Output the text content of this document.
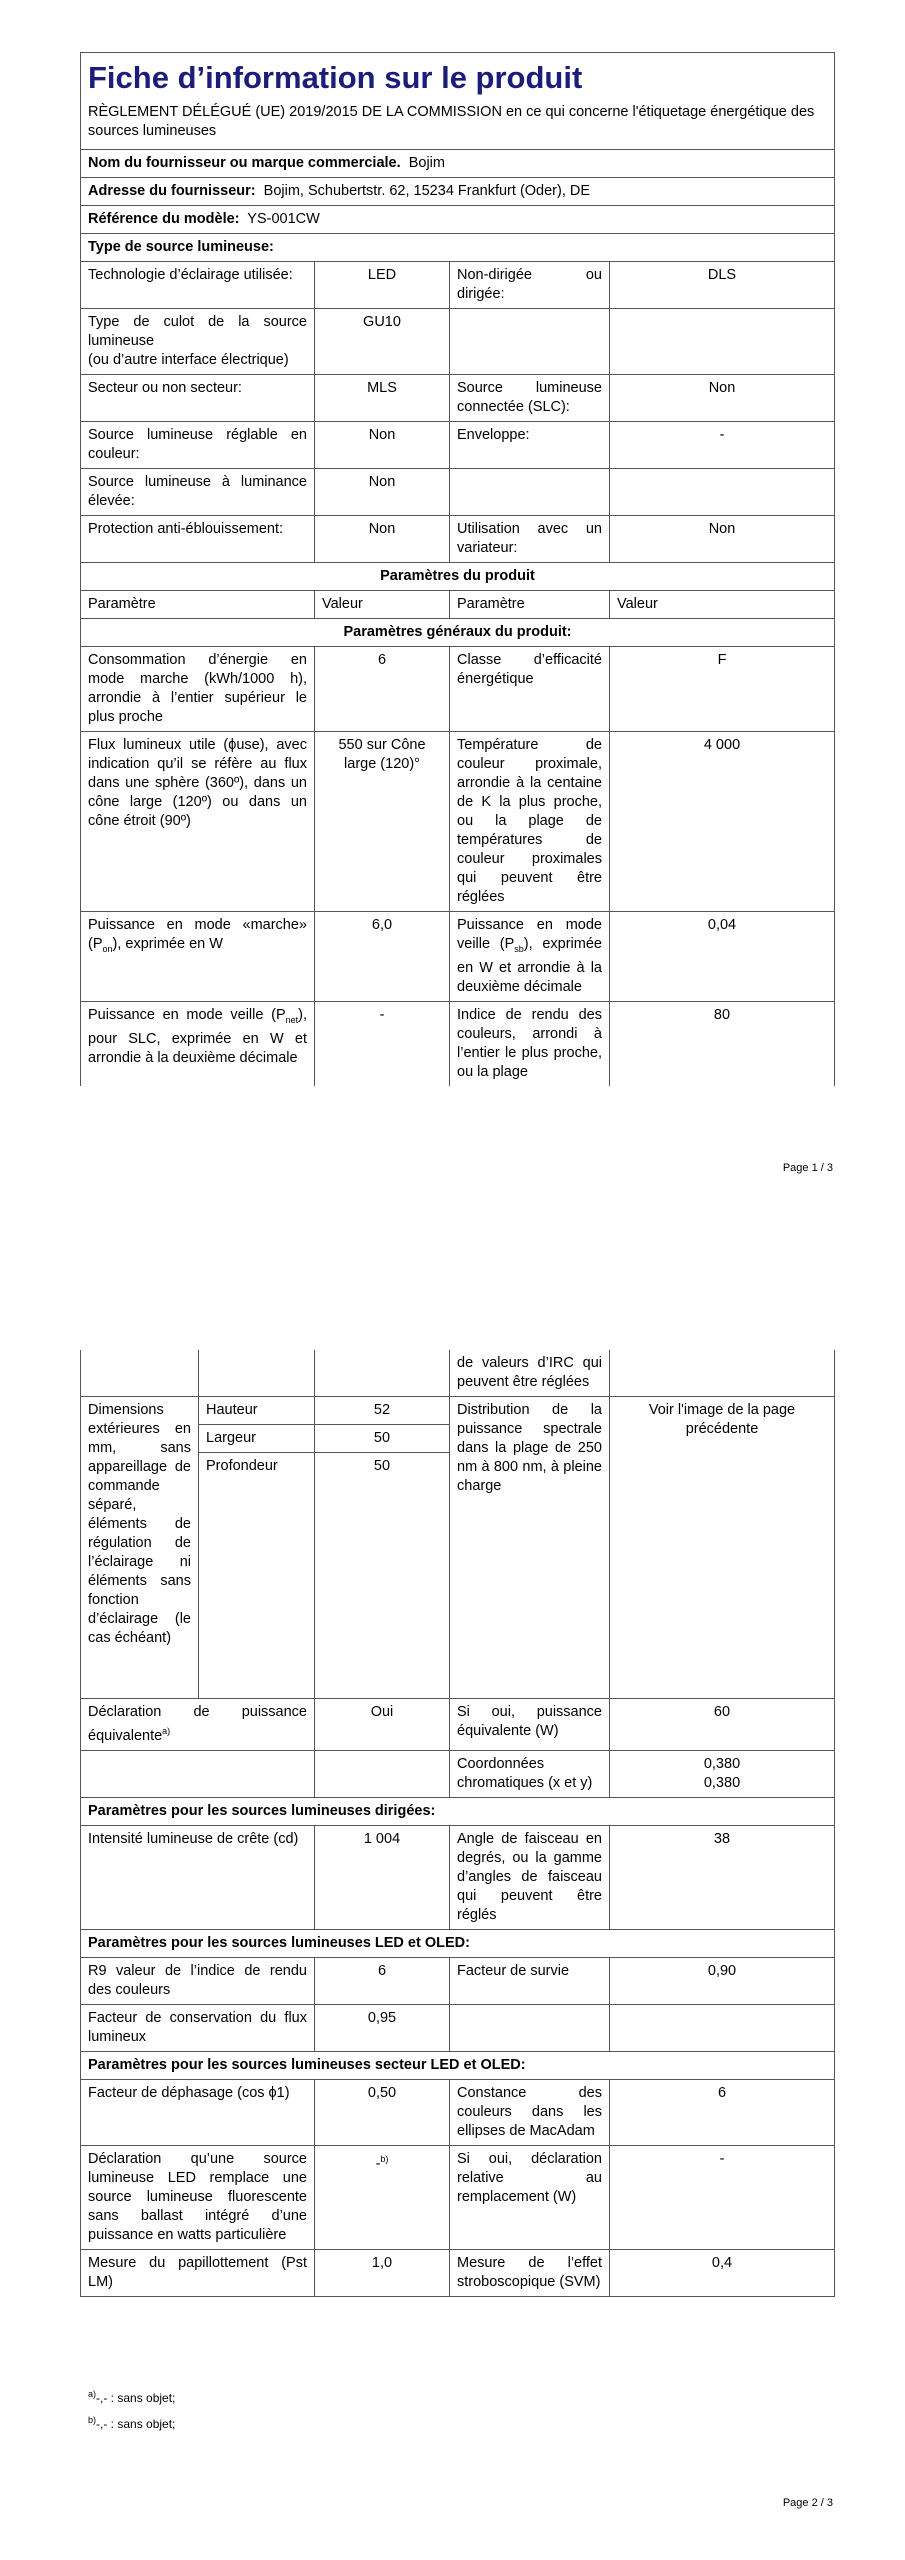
Fiche d’information sur le produit
RÈGLEMENT DÉLÉGUÉ (UE) 2019/2015 DE LA COMMISSION en ce qui concerne l'étiquetage énergétique des sources lumineuses			

Nom du fournisseur ou marque commerciale. Bojim			
Adresse du fournisseur: Bojim, Schubertstr. 62, 15234 Frankfurt (Oder), DE			
Référence du modèle: YS-001CW			
Type de source lumineuse:			
Technologie d’éclairage utilisée:	LED	Non-dirigée ou dirigée:	DLS
Type de culot de la source lumineuse
(ou d’autre interface électrique)	GU10		
Secteur ou non secteur:	MLS	Source lumineuse connectée (SLC):	Non
Source lumineuse réglable en couleur:	Non	Enveloppe:	-
Source lumineuse à luminance élevée:	Non		
Protection anti-éblouissement:	Non	Utilisation avec un variateur:	Non
Paramètres du produit			
Paramètre	Valeur	Paramètre	Valeur
Paramètres généraux du produit:			
Consommation d’énergie en mode marche (kWh/1000 h), arrondie à l’entier supérieur le plus proche	6	Classe d’efficacité énergétique	F
Flux lumineux utile (ϕuse), avec indication qu’il se réfère au flux dans une sphère (360º), dans un cône large (120º) ou dans un cône étroit (90º)	550 sur Cône large (120)°	Température de couleur proximale, arrondie à la centaine de K la plus proche, ou la plage de températures de couleur proximales qui peuvent être réglées	4 000
Puissance en mode «marche» $(P_{on})$, exprimée en W	6,0	Puissance en mode veille $(P_{sb})$, exprimée en W et arrondie à la deuxième décimale	0,04
Puissance en mode veille $(P_{net})$, pour SLC, exprimée en W et arrondie à la deuxième décimale	-	Indice de rendu des couleurs, arrondi à l’entier le plus proche, ou la plage	80
Page 1 / 3
			de valeurs d’IRC qui peuvent être réglées	
Dimensions extérieures en mm, sans appareillage de commande séparé, éléments de régulation de l’éclairage ni éléments sans fonction d’éclairage (le cas échéant)	Hauteur	52	Distribution de la puissance spectrale dans la plage de 250 nm à 800 nm, à pleine charge	Voir l'image de la page précédente
	Largeur	50		
	Profondeur	50		

Déclaration de puissance équivalente$^{a)}$		Oui	Si oui, puissance équivalente (W)	60
			Coordonnées chromatiques (x et y)	0,380
0,380
Paramètres pour les sources lumineuses dirigées:				
Intensité lumineuse de crête (cd)		1 004	Angle de faisceau en degrés, ou la gamme d’angles de faisceau qui peuvent être réglés	38
Paramètres pour les sources lumineuses LED et OLED:				
R9 valeur de l’indice de rendu des couleurs		6	Facteur de survie	0,90
Facteur de conservation du flux lumineux		0,95		
Paramètres pour les sources lumineuses secteur LED et OLED:				
Facteur de déphasage (cos ϕ1)		0,50	Constance des couleurs dans les ellipses de MacAdam	6
Déclaration qu’une source lumineuse LED remplace une source lumineuse fluorescente sans ballast intégré d’une puissance en watts particulière		-$^{b)}$	Si oui, déclaration relative au remplacement (W)	-
Mesure du papillottement (Pst LM)		1,0	Mesure de l’effet stroboscopique (SVM)	0,4
$^{a)}$-,- : sans objet;
$^{b)}$-,- : sans objet;
Page 2 / 3
